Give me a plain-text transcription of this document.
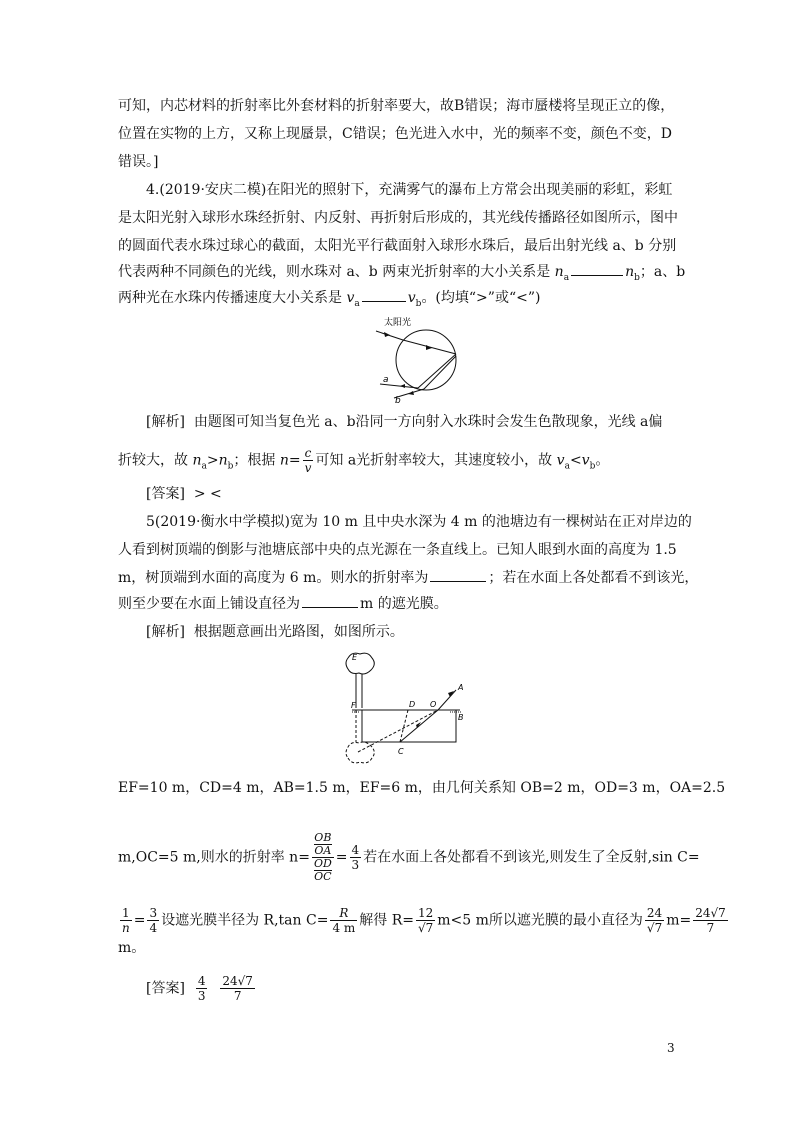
可知，内芯材料的折射率比外套材料的折射率要大，故B错误；海市蜃楼将呈现正立的像，
位置在实物的上方，又称上现蜃景，C错误；色光进入水中，光的频率不变，颜色不变，D
错误。]
4.(2019·安庆二模)在阳光的照射下，充满雾气的瀑布上方常会出现美丽的彩虹，彩虹
是太阳光射入球形水珠经折射、内反射、再折射后形成的，其光线传播路径如图所示，图中
的圆面代表水珠过球心的截面，太阳光平行截面射入球形水珠后，最后出射光线 a、b 分别
代表两种不同颜色的光线，则水珠对 a、b 两束光折射率的大小关系是 $n_a$	$n_b$；a、b
两种光在水珠内传播速度大小关系是 $v_a$	$v_b$。(均填“>”或“<”)
太阳光
a
b
[解析] 由题图可知当复色光 a、b沿同一方向射入水珠时会发生色散现象，光线 a偏
折较大，故 $n_a>n_b$；根据 $n= \frac{c}{v}$ 可知 a光折射率较大，其速度较小，故 $v_a<v_b$。
[答案] > <
5(2019·衡水中学模拟)宽为 10 m 且中央水深为 4 m 的池塘边有一棵树站在正对岸边的
人看到树顶端的倒影与池塘底部中央的点光源在一条直线上。已知人眼到水面的高度为 1.5
m，树顶端到水面的高度为 6 m。则水的折射率为	；若在水面上各处都看不到该光，
则至少要在水面上铺设直径为	m 的遮光膜。
[解析] 根据题意画出光路图，如图所示。
E
F	D O
A
B
C
EF=10 m，CD=4 m，AB=1.5 m，EF=6 m，由几何关系知 OB=2 m，OD=3 m，OA=2.5
m,OC=5 m,则水的折射率 n= OB
OA
OD
OC = $\frac{4}{3}$ 若在水面上各处都看不到该光,则发生了全反射,sin C=
$\frac{1}{n} = \frac{3}{4}$ 设遮光膜半径为 R,tan $C= \frac{R}{4 m}$ 解得 $R= \frac{12}{√7} m<5$ m所以遮光膜的最小直径为 $\frac{24}{√7} m= \frac{24√7}{7}$
m。
[答案] $\frac{4}{3}$
$\frac{24√7}{7}$
3
